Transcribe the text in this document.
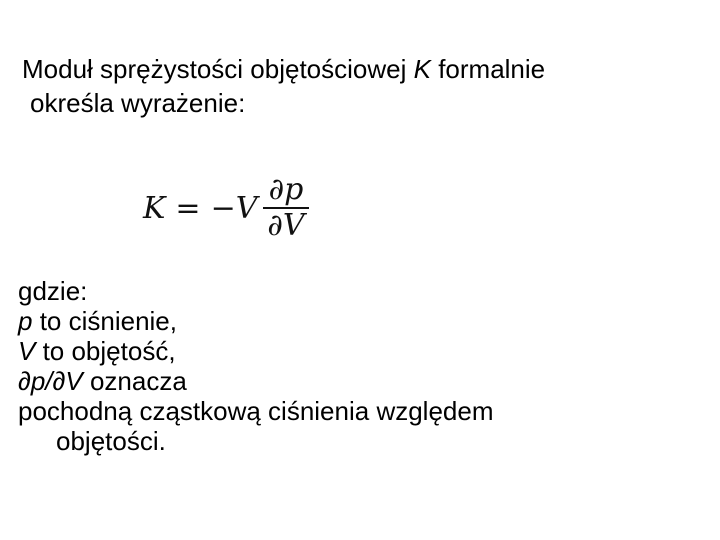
Moduł sprężystości objętościowej K formalnie
określa wyrażenie:
$K = -V \frac{\partial p}{\partial V}$
gdzie:
p to ciśnienie,
V to objętość,
∂p/∂V oznacza
pochodną cząstkową ciśnienia względem
objętości.
